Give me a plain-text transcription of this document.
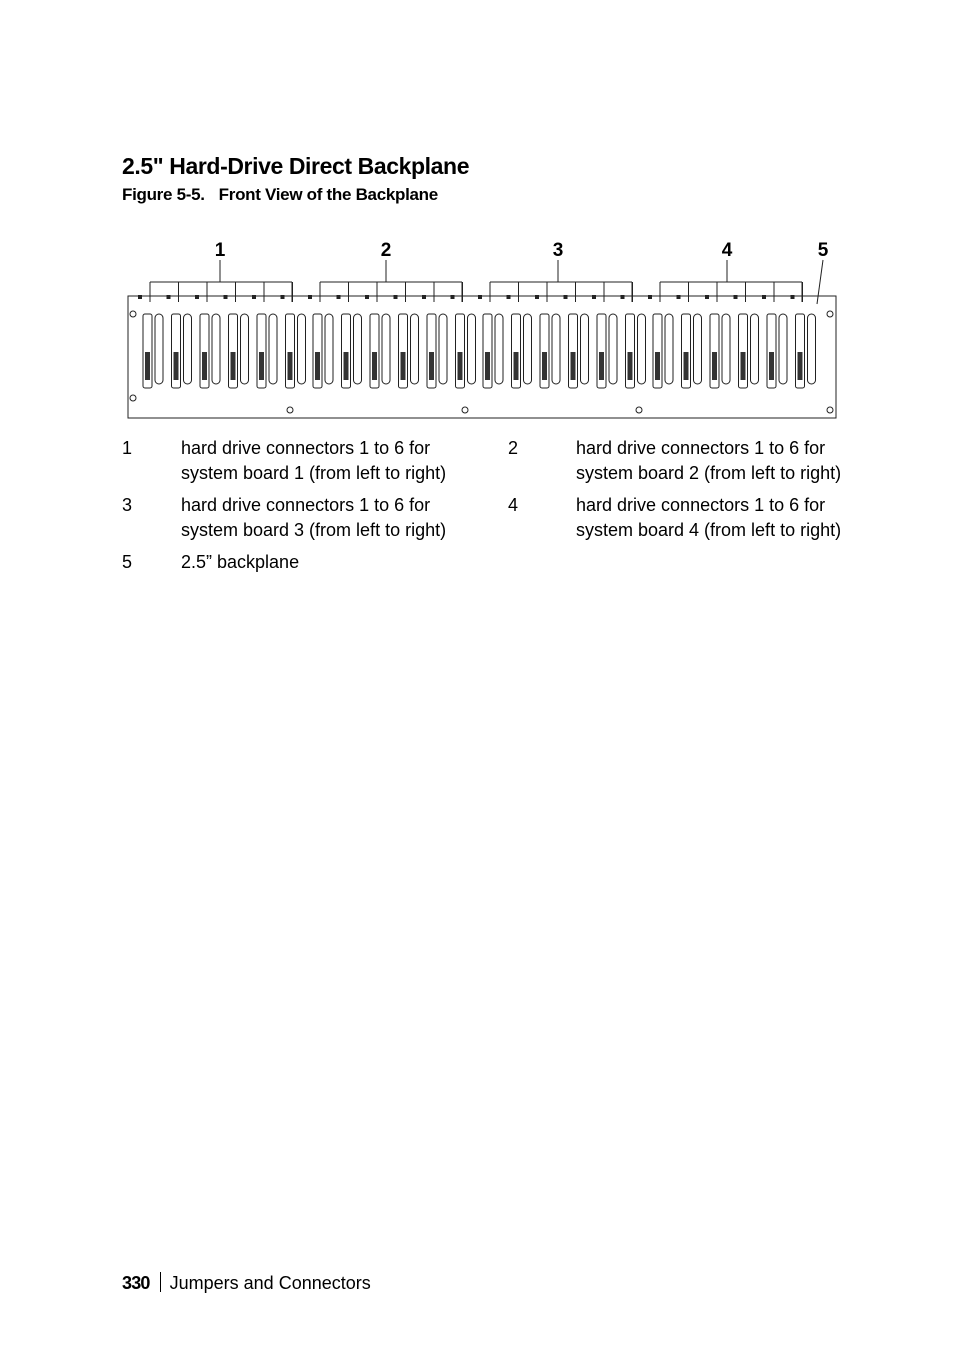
2.5" Hard-Drive Direct Backplane
Figure 5-5. Front View of the Backplane
1	2	3	4	5
1	hard drive connectors 1 to 6 for system board 1 (from left to right)
2	hard drive connectors 1 to 6 for system board 2 (from left to right)
3	hard drive connectors 1 to 6 for system board 3 (from left to right)
4	hard drive connectors 1 to 6 for system board 4 (from left to right)
5	2.5” backplane
330 Jumpers and Connectors
